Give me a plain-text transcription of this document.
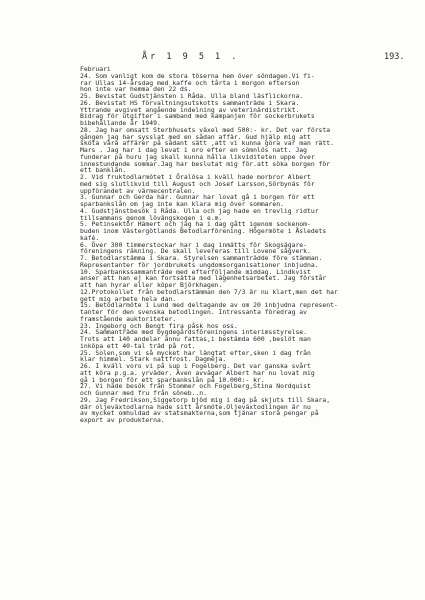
År 1 9 5 1 .	193.
Februari
24. Som vanligt kom de stora töserna hem över söndagen.Vi fi-
rar Ullas 14-årsdag med kaffe och tårta i morgon efterson
hon inte var hemma den 22 ds.
25. Bevistat Gudstjänsten i Råda. Ulla bland läsflickorna.
26. Bevistat HS förvaltningsutskotts sammanträde i Skara.
Yttrande avgivet angående indelning av veterinärdistrikt.
Bidrag för utgifter i samband med kampanjen för sockerbrukets
bibehållande år 1949.
28. Jag har omsatt Sterbhusets växel med 500:- kr. Det var första
gången jag har sysslat med en sådan affär. Gud hjälp mig att
sköta våra affärer på sådant sätt ,att vi kunna göra var man rätt.
Mars . Jag har i dag levat i oro efter en sömnlös natt. Jag
funderar på huru jag skall kunna hålla likviditeten uppe över
innestundande sommar.Jag har beslutat mig för.att söka borgen för
ett banklån.
2. Vid fruktodlarmötet i Öralösa i kväll hade morbror Albert
med sig slutlikvid till August och Josef Larsson,Sörbynäs för
uppförandet av värmecentralen.
3. Gunnar och Gerda här. Gunnar har lovat gå i borgen för ett
sparbankslån om jag inte kan klara mig över sommaren.
4. Gudstjänstbesök i Råda. Ulla och jag hade en trevlig ridtur
tillsammans genom lövängskogen i e.m.
5. Petinsektör Hämert och jag ha i dag gått igenom sockenom-
buden inom Västergötlands Betodlarförening. Högermöte i Åsledets
kafé.
6. Över 300 timmerstockar har i dag inmätts för Skogsägare-
föreningens räkning. De skall levereras till Lovene sågverk.
7. Betodlarstämma i Skara. Styrelsen sammanträdde före stämman.
Representanter för jordbrukets ungdomsorganisationer inbjudna.
10. Sparbankssammanträde med efterföljande middag. Lindkvist
anser att han ej kan fortsätta med lägenhetsarbetet. Jag förstår
att han hyrar eller köper Björkhagen.
12.Protokollet från betodlarstämman den 7/3 är nu klart,men det har
gett mig arbete hela dan.
15. Betodlarmöte i Lund med deltagande av om 20 inbjudna represent-
tanter för den svenska betodlingen. Intressanta föredrag av
framstående auktoriteter.
23. Ingeborg och Bengt fira påsk hos oss.
24. Sammanträde med bygdegårdsföreningens interimsstyrelse.
Trots att 140 andelar ännu fattas,i bestämda 600 ,beslöt man
inköpa ett 40-tal träd på rot.
25. Solen,som vi så mycket har längtat efter,sken i dag från
klar himmel. Stark nattfrost. Dagmeja.
26. I kväll voro vi på sup i Fogelberg. Det var ganska svårt
att köra p.g.a. yrväder. Även avvägar Albert har nu lovat mig
gå i borgen för ett sparbankslån på 10.000:- kr.
27. Vi hade besök från Stommer och Fogelberg,Stina Nordquist
och Gunnar med fru från söneb..n.
29. Jag Fredrikson,Siggetorp bjöd mig i dag på skjuts till Skara,
där oljeväxtodlarna hade sitt årsmöte.Oljeväxtodlingen är nu
av mycket omhuldad av statsmakterna,som tjänar stora pengar på
export av produkterna.
